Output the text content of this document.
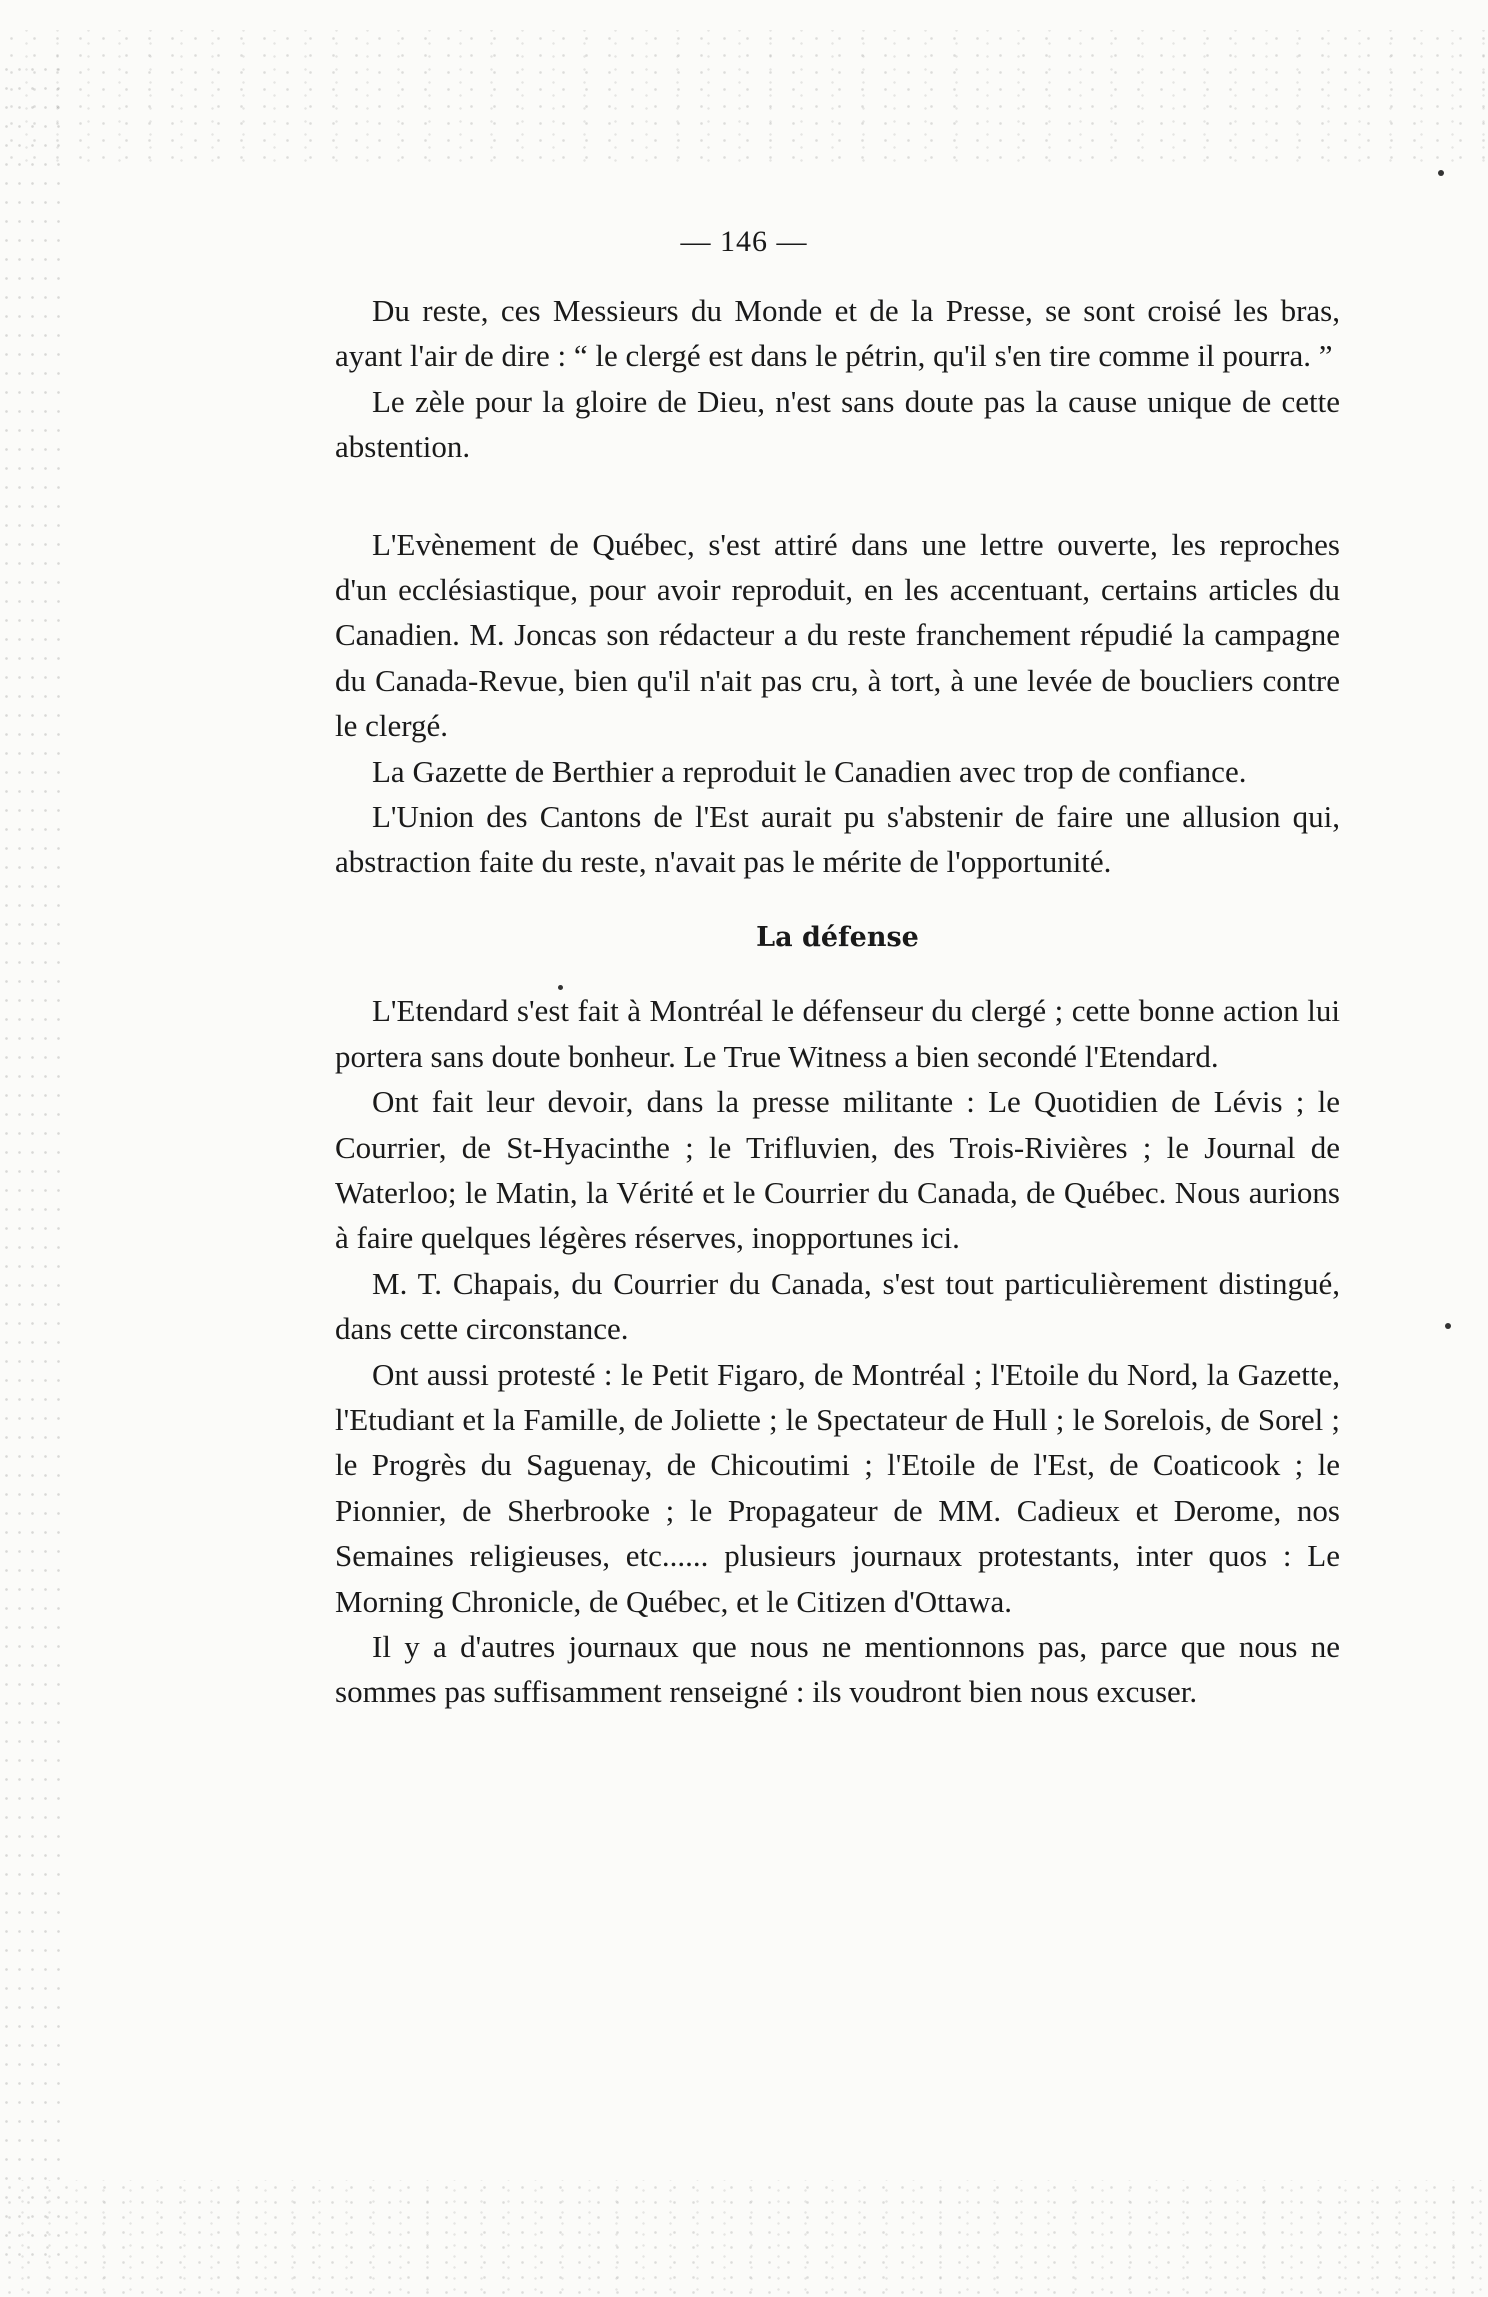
— 146 —

Du reste, ces Messieurs du Monde et de la Presse, se sont croisé les bras, ayant l'air de dire : “ le clergé est dans le pétrin, qu'il s'en tire comme il pourra. ”

Le zèle pour la gloire de Dieu, n'est sans doute pas la cause unique de cette abstention.

L'Evènement de Québec, s'est attiré dans une lettre ouverte, les reproches d'un ecclésiastique, pour avoir reproduit, en les accentuant, certains articles du Canadien. M. Joncas son rédacteur a du reste franchement répudié la campagne du Canada-Revue, bien qu'il n'ait pas cru, à tort, à une levée de boucliers contre le clergé.

La Gazette de Berthier a reproduit le Canadien avec trop de confiance.

L'Union des Cantons de l'Est aurait pu s'abstenir de faire une allusion qui, abstraction faite du reste, n'avait pas le mérite de l'opportunité.

La défense

L'Etendard s'est fait à Montréal le défenseur du clergé ; cette bonne action lui portera sans doute bonheur. Le True Witness a bien secondé l'Etendard.

Ont fait leur devoir, dans la presse militante : Le Quotidien de Lévis ; le Courrier, de St-Hyacinthe ; le Trifluvien, des Trois-Rivières ; le Journal de Waterloo; le Matin, la Vérité et le Courrier du Canada, de Québec. Nous aurions à faire quelques légères réserves, inopportunes ici.

M. T. Chapais, du Courrier du Canada, s'est tout particulièrement distingué, dans cette circonstance.

Ont aussi protesté : le Petit Figaro, de Montréal ; l'Etoile du Nord, la Gazette, l'Etudiant et la Famille, de Joliette ; le Spectateur de Hull ; le Sorelois, de Sorel ; le Progrès du Saguenay, de Chicoutimi ; l'Etoile de l'Est, de Coaticook ; le Pionnier, de Sherbrooke ; le Propagateur de MM. Cadieux et Derome, nos Semaines religieuses, etc...... plusieurs journaux protestants, inter quos : Le Morning Chronicle, de Québec, et le Citizen d'Ottawa.

Il y a d'autres journaux que nous ne mentionnons pas, parce que nous ne sommes pas suffisamment renseigné : ils voudront bien nous excuser.
